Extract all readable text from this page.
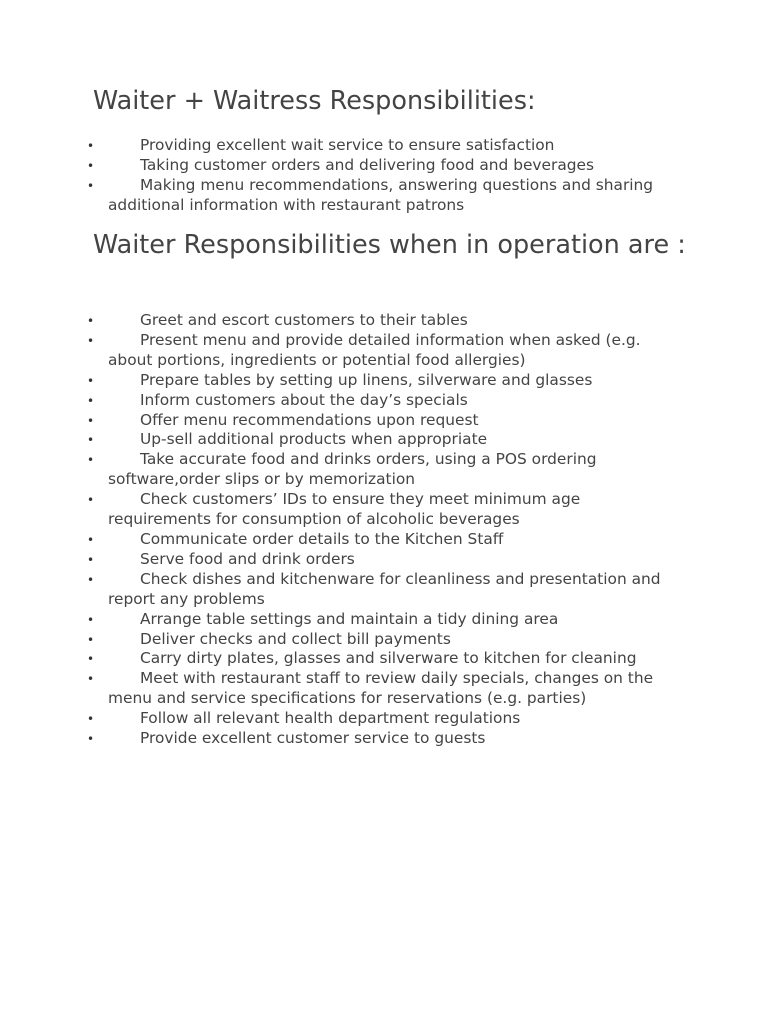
Waiter + Waitress Responsibilities:
•	Providing excellent wait service to ensure satisfaction
•	Taking customer orders and delivering food and beverages
•	Making menu recommendations, answering questions and sharing additional information with restaurant patrons
Waiter Responsibilities when in operation are :
•	Greet and escort customers to their tables
•	Present menu and provide detailed information when asked (e.g. about portions, ingredients or potential food allergies)
•	Prepare tables by setting up linens, silverware and glasses
•	Inform customers about the day’s specials
•	Offer menu recommendations upon request
•	Up-sell additional products when appropriate
•	Take accurate food and drinks orders, using a POS ordering software,order slips or by memorization
•	Check customers’ IDs to ensure they meet minimum age requirements for consumption of alcoholic beverages
•	Communicate order details to the Kitchen Staff
•	Serve food and drink orders
•	Check dishes and kitchenware for cleanliness and presentation and report any problems
•	Arrange table settings and maintain a tidy dining area
•	Deliver checks and collect bill payments
•	Carry dirty plates, glasses and silverware to kitchen for cleaning
•	Meet with restaurant staff to review daily specials, changes on the menu and service specifications for reservations (e.g. parties)
•	Follow all relevant health department regulations
•	Provide excellent customer service to guests
